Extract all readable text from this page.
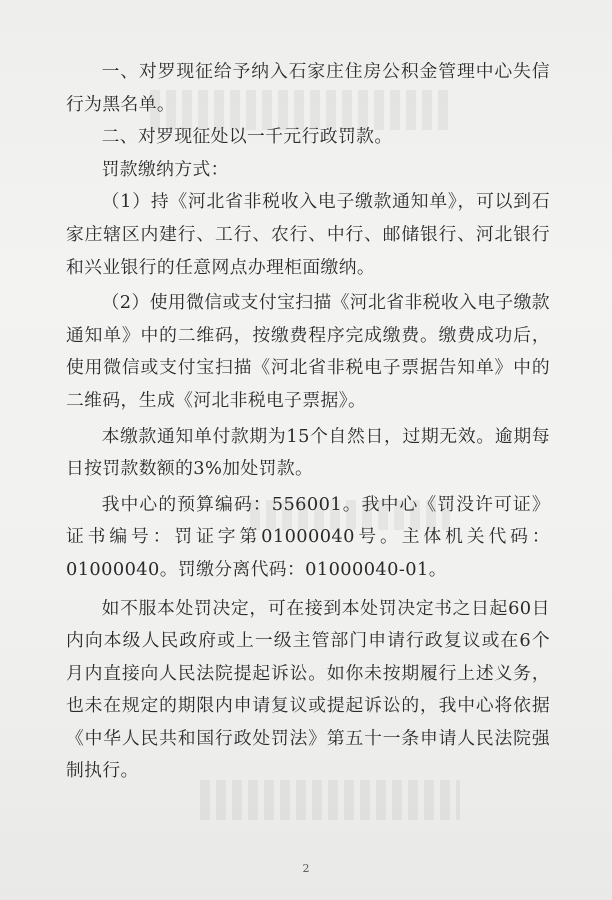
一、对罗现征给予纳入石家庄住房公积金管理中心失信行为黑名单。

二、对罗现征处以一千元行政罚款。

罚款缴纳方式：

（1）持《河北省非税收入电子缴款通知单》，可以到石家庄辖区内建行、工行、农行、中行、邮储银行、河北银行和兴业银行的任意网点办理柜面缴纳。

（2）使用微信或支付宝扫描《河北省非税收入电子缴款通知单》中的二维码，按缴费程序完成缴费。缴费成功后，使用微信或支付宝扫描《河北省非税电子票据告知单》中的二维码，生成《河北非税电子票据》。

本缴款通知单付款期为15个自然日，过期无效。逾期每日按罚款数额的3%加处罚款。

我中心的预算编码：556001。我中心《罚没许可证》证书编号：罚证字第01000040号。主体机关代码：01000040。罚缴分离代码：01000040-01。

如不服本处罚决定，可在接到本处罚决定书之日起60日内向本级人民政府或上一级主管部门申请行政复议或在6个月内直接向人民法院提起诉讼。如你未按期履行上述义务，也未在规定的期限内申请复议或提起诉讼的，我中心将依据《中华人民共和国行政处罚法》第五十一条申请人民法院强制执行。

2
